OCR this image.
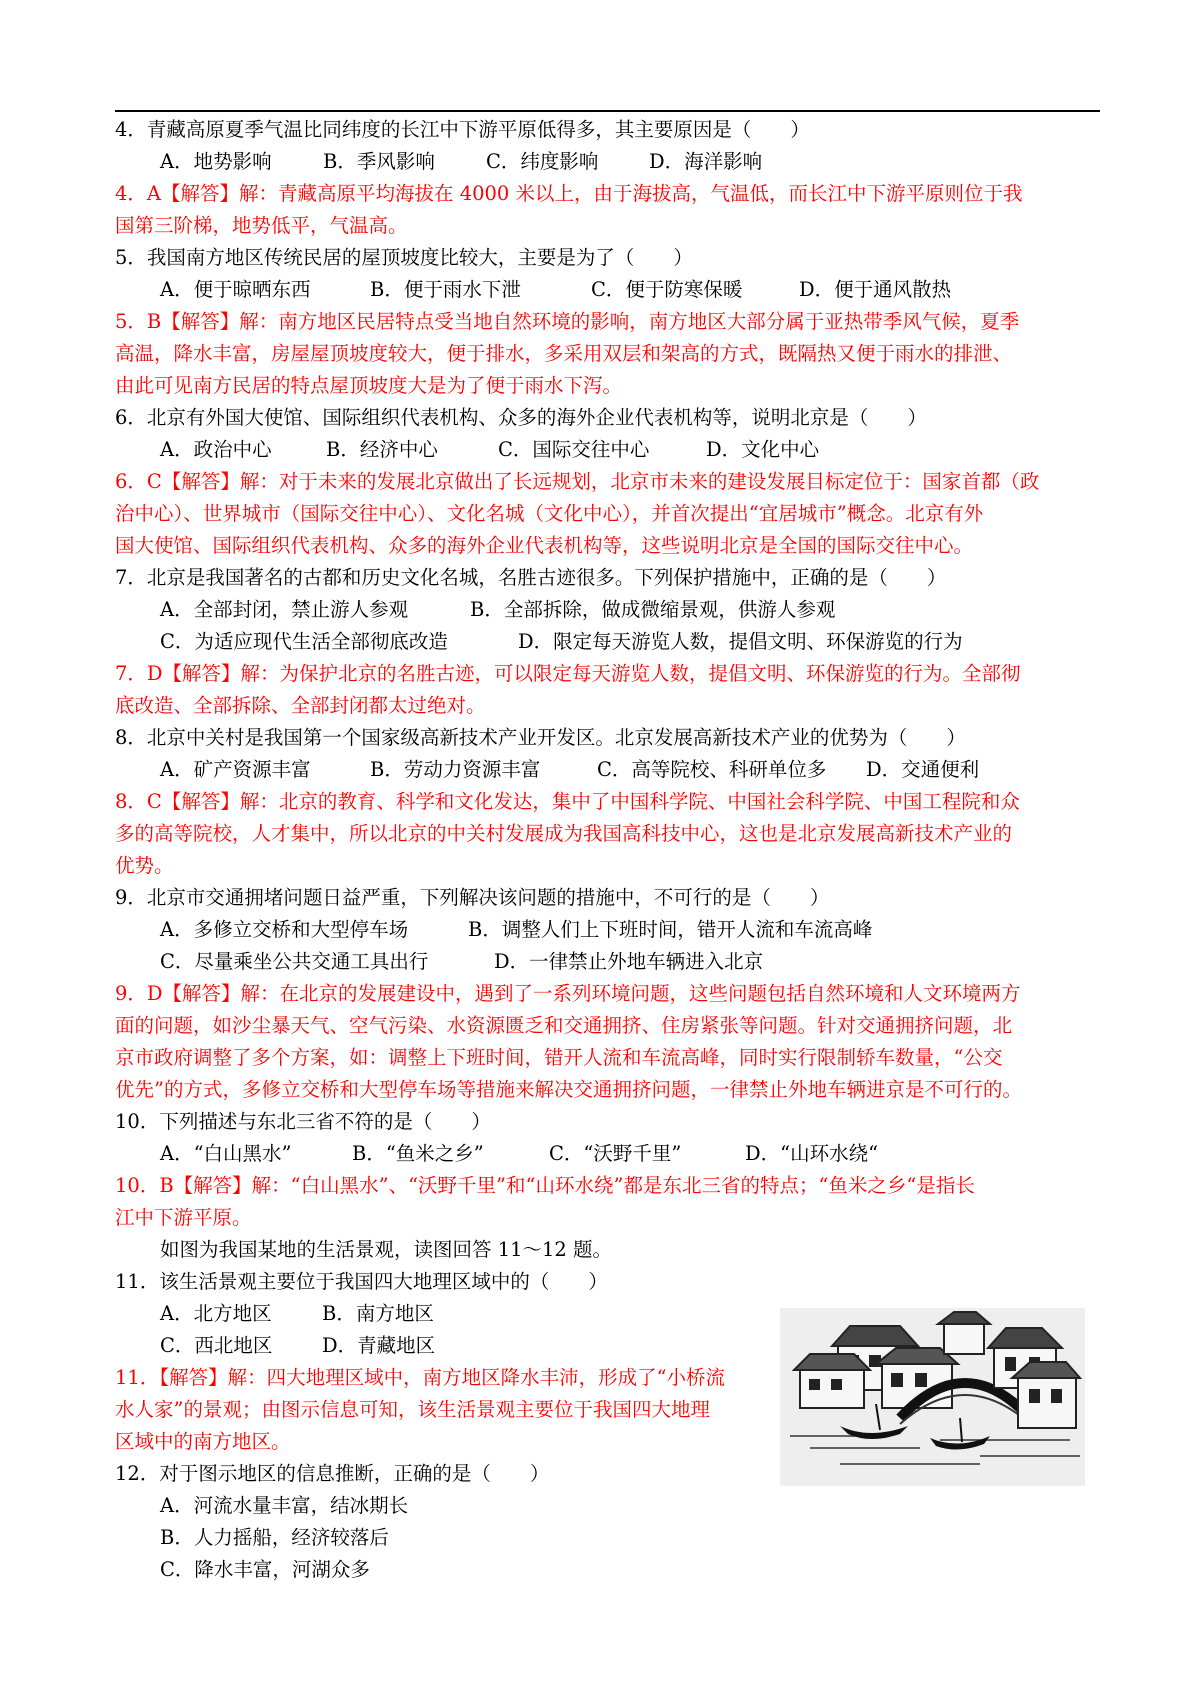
4．青藏高原夏季气温比同纬度的长江中下游平原低得多，其主要原因是（　　）

A．地势影响	B．季风影响	C．纬度影响	D．海洋影响

4．A【解答】解：青藏高原平均海拔在 4000 米以上，由于海拔高，气温低，而长江中下游平原则位于我

国第三阶梯，地势低平，气温高。

5．我国南方地区传统民居的屋顶坡度比较大，主要是为了（　　）

A．便于晾晒东西	B．便于雨水下泄	C．便于防寒保暖	D．便于通风散热

5．B【解答】解：南方地区民居特点受当地自然环境的影响，南方地区大部分属于亚热带季风气候，夏季

高温，降水丰富，房屋屋顶坡度较大，便于排水，多采用双层和架高的方式，既隔热又便于雨水的排泄、

由此可见南方民居的特点屋顶坡度大是为了便于雨水下泻。

6．北京有外国大使馆、国际组织代表机构、众多的海外企业代表机构等，说明北京是（　　）

A．政治中心	B．经济中心	C．国际交往中心	D．文化中心

6．C【解答】解：对于未来的发展北京做出了长远规划，北京市未来的建设发展目标定位于：国家首都（政

治中心）、世界城市（国际交往中心）、文化名城（文化中心），并首次提出“宜居城市”概念。北京有外

国大使馆、国际组织代表机构、众多的海外企业代表机构等，这些说明北京是全国的国际交往中心。

7．北京是我国著名的古都和历史文化名城，名胜古迹很多。下列保护措施中，正确的是（　　）

A．全部封闭，禁止游人参观	B．全部拆除，做成微缩景观，供游人参观

C．为适应现代生活全部彻底改造	D．限定每天游览人数，提倡文明、环保游览的行为

7．D【解答】解：为保护北京的名胜古迹，可以限定每天游览人数，提倡文明、环保游览的行为。全部彻

底改造、全部拆除、全部封闭都太过绝对。

8．北京中关村是我国第一个国家级高新技术产业开发区。北京发展高新技术产业的优势为（　　）

A．矿产资源丰富	B．劳动力资源丰富	C．高等院校、科研单位多 D．交通便利

8．C【解答】解：北京的教育、科学和文化发达，集中了中国科学院、中国社会科学院、中国工程院和众

多的高等院校，人才集中，所以北京的中关村发展成为我国高科技中心，这也是北京发展高新技术产业的

优势。

9．北京市交通拥堵问题日益严重，下列解决该问题的措施中，不可行的是（　　）

A．多修立交桥和大型停车场	B．调整人们上下班时间，错开人流和车流高峰

C．尽量乘坐公共交通工具出行	D．一律禁止外地车辆进入北京

9．D【解答】解：在北京的发展建设中，遇到了一系列环境问题，这些问题包括自然环境和人文环境两方

面的问题，如沙尘暴天气、空气污染、水资源匮乏和交通拥挤、住房紧张等问题。针对交通拥挤问题，北

京市政府调整了多个方案，如：调整上下班时间，错开人流和车流高峰，同时实行限制轿车数量，“公交

优先”的方式，多修立交桥和大型停车场等措施来解决交通拥挤问题，一律禁止外地车辆进京是不可行的。

10．下列描述与东北三省不符的是（　　）

A．“白山黑水”	B．“鱼米之乡”	C．“沃野千里”	D．“山环水绕“

10．B【解答】解：“白山黑水”、“沃野千里”和“山环水绕”都是东北三省的特点；“鱼米之乡“是指长

江中下游平原。

如图为我国某地的生活景观，读图回答 11～12 题。

11．该生活景观主要位于我国四大地理区域中的（　　）

A．北方地区	B．南方地区

C．西北地区	D．青藏地区

11．【解答】解：四大地理区域中，南方地区降水丰沛，形成了“小桥流

水人家”的景观；由图示信息可知，该生活景观主要位于我国四大地理

区域中的南方地区。

12．对于图示地区的信息推断，正确的是（　　）

A．河流水量丰富，结冰期长

B．人力摇船，经济较落后

C．降水丰富，河湖众多
